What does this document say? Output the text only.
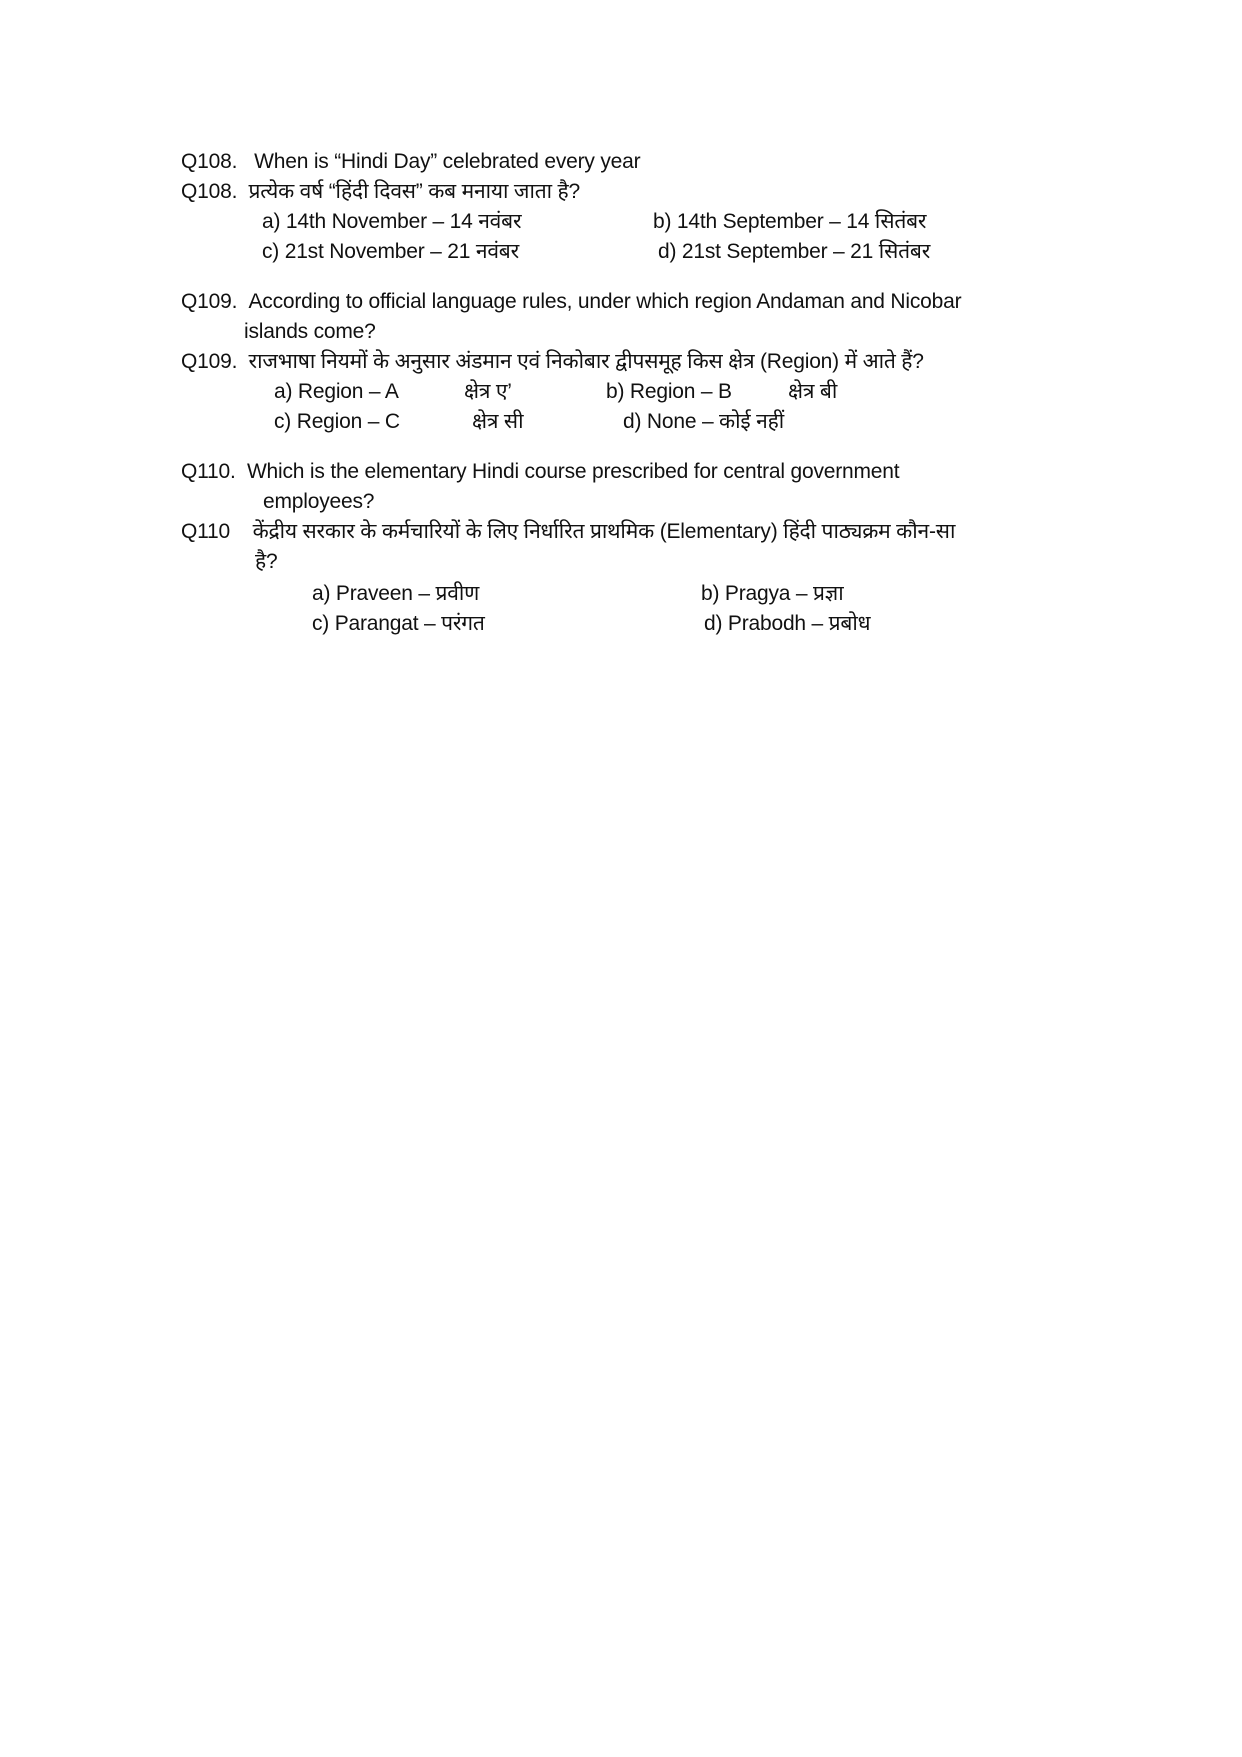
Q108. When is “Hindi Day” celebrated every year
Q108. प्रत्येक वर्ष “हिंदी दिवस” कब मनाया जाता है?
a) 14th November – 14 नवंबर	b) 14th September – 14 सितंबर
c) 21st November – 21 नवंबर	d) 21st September – 21 सितंबर
Q109. According to official language rules, under which region Andaman and Nicobar
islands come?
Q109. राजभाषा नियमों के अनुसार अंडमान एवं निकोबार द्वीपसमूह किस क्षेत्र (Region) में आते हैं?
a) Region – A	क्षेत्र ए’	b) Region – B	क्षेत्र बी
c) Region – C	क्षेत्र सी	d) None – कोई नहीं
Q110. Which is the elementary Hindi course prescribed for central government
employees?
Q110 केंद्रीय सरकार के कर्मचारियों के लिए निर्धारित प्राथमिक (Elementary) हिंदी पाठ्यक्रम कौन-सा
है?
a) Praveen – प्रवीण	b) Pragya – प्रज्ञा
c) Parangat – परंगत	d) Prabodh – प्रबोध
